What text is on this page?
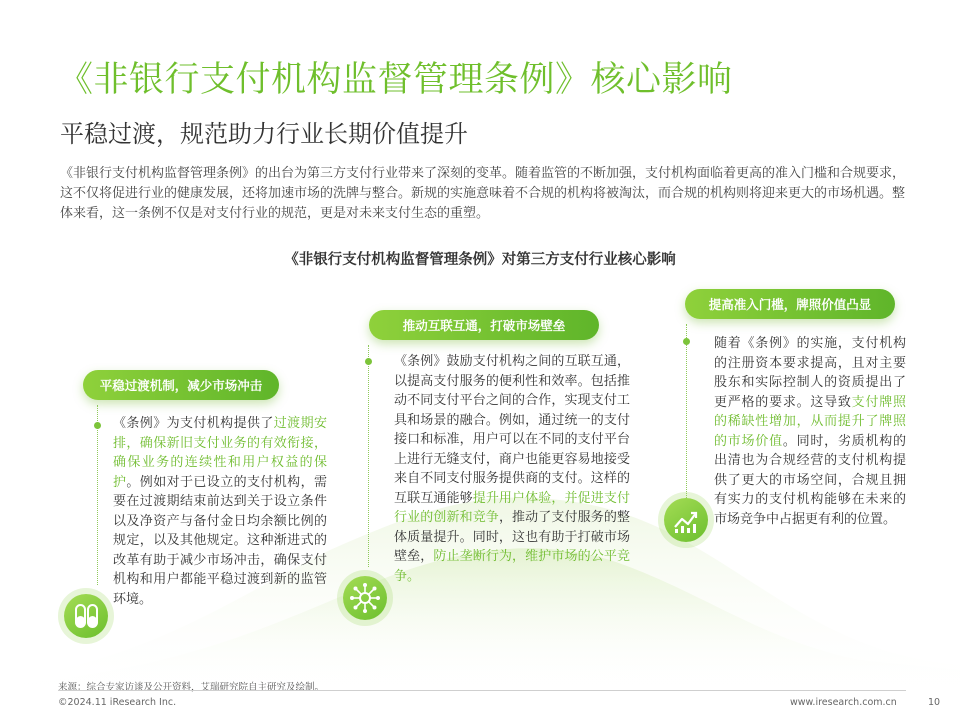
《非银行支付机构监督管理条例》核心影响
平稳过渡，规范助力行业长期价值提升
《非银行支付机构监督管理条例》的出台为第三方支付行业带来了深刻的变革。随着监管的不断加强，支付机构面临着更高的准入门槛和合规要求，这不仅将促进行业的健康发展，还将加速市场的洗牌与整合。新规的实施意味着不合规的机构将被淘汰，而合规的机构则将迎来更大的市场机遇。整体来看，这一条例不仅是对支付行业的规范，更是对未来支付生态的重塑。
《非银行支付机构监督管理条例》对第三方支付行业核心影响
平稳过渡机制，减少市场冲击
《条例》为支付机构提供了过渡期安排，确保新旧支付业务的有效衔接，确保业务的连续性和用户权益的保护。例如对于已设立的支付机构，需要在过渡期结束前达到关于设立条件以及净资产与备付金日均余额比例的规定，以及其他规定。这种渐进式的改革有助于减少市场冲击，确保支付机构和用户都能平稳过渡到新的监管环境。
推动互联互通，打破市场壁垒
《条例》鼓励支付机构之间的互联互通，以提高支付服务的便利性和效率。包括推动不同支付平台之间的合作，实现支付工具和场景的融合。例如，通过统一的支付接口和标准，用户可以在不同的支付平台上进行无缝支付，商户也能更容易地接受来自不同支付服务提供商的支付。这样的互联互通能够提升用户体验，并促进支付行业的创新和竞争，推动了支付服务的整体质量提升。同时，这也有助于打破市场壁垒，防止垄断行为，维护市场的公平竞争。
提高准入门槛，牌照价值凸显
随着《条例》的实施，支付机构的注册资本要求提高，且对主要股东和实际控制人的资质提出了更严格的要求。这导致支付牌照的稀缺性增加，从而提升了牌照的市场价值。同时，劣质机构的出清也为合规经营的支付机构提供了更大的市场空间，合规且拥有实力的支付机构能够在未来的市场竞争中占据更有利的位置。
来源：综合专家访谈及公开资料，艾瑞研究院自主研究及绘制。
©2024.11 iResearch Inc.	www.iresearch.com.cn	10
